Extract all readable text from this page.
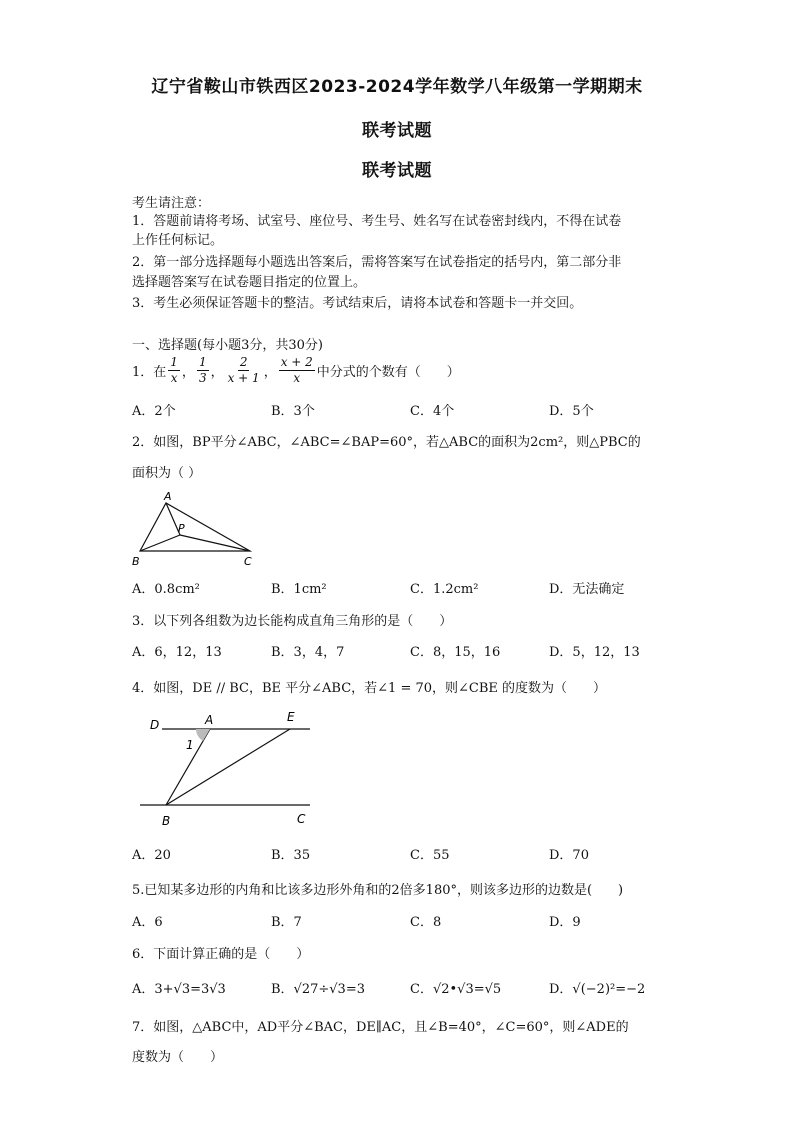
辽宁省鞍山市铁西区2023-2024学年数学八年级第一学期期末
联考试题
联考试题
考生请注意：
1．答题前请将考场、试室号、座位号、考生号、姓名写在试卷密封线内，不得在试卷
上作任何标记。
2．第一部分选择题每小题选出答案后，需将答案写在试卷指定的括号内，第二部分非
选择题答案写在试卷题目指定的位置上。
3．考生必须保证答题卡的整洁。考试结束后，请将本试卷和答题卡一并交回。
一、选择题(每小题3分，共30分)
1．在 $\frac{1}{x}$ ， $\frac{1}{3}$ ， $\frac{2}{x + 1}$ ， $\frac{x + 2}{x}$ 中分式的个数有（　　）
A．2个	B．3个	C．4个	D．5个
2．如图，BP平分∠ABC，∠ABC=∠BAP=60°，若△ABC的面积为2cm²，则△PBC的
面积为（ ）
A
B
P
C
A．0.8cm²	B．1cm²	C．1.2cm²	D．无法确定
3．以下列各组数为边长能构成直角三角形的是（　　）
A．6，12，13	B．3，4，7	C．8，15，16	D．5，12，13
4．如图，DE // BC，BE 平分∠ABC，若∠1 = 70，则∠CBE 的度数为（　　）
D	A	E
1
B	C
A．20	B．35	C．55	D．70
5.已知某多边形的内角和比该多边形外角和的2倍多180°，则该多边形的边数是(　　)
A．6	B．7	C．8	D．9
6．下面计算正确的是（　　）
A．3+√3=3√3	B．√27÷√3=3	C．√2•√3=√5	D．√(−2)²=−2
7．如图，△ABC中，AD平分∠BAC，DE∥AC，且∠B=40°，∠C=60°，则∠ADE的
度数为（　　）
